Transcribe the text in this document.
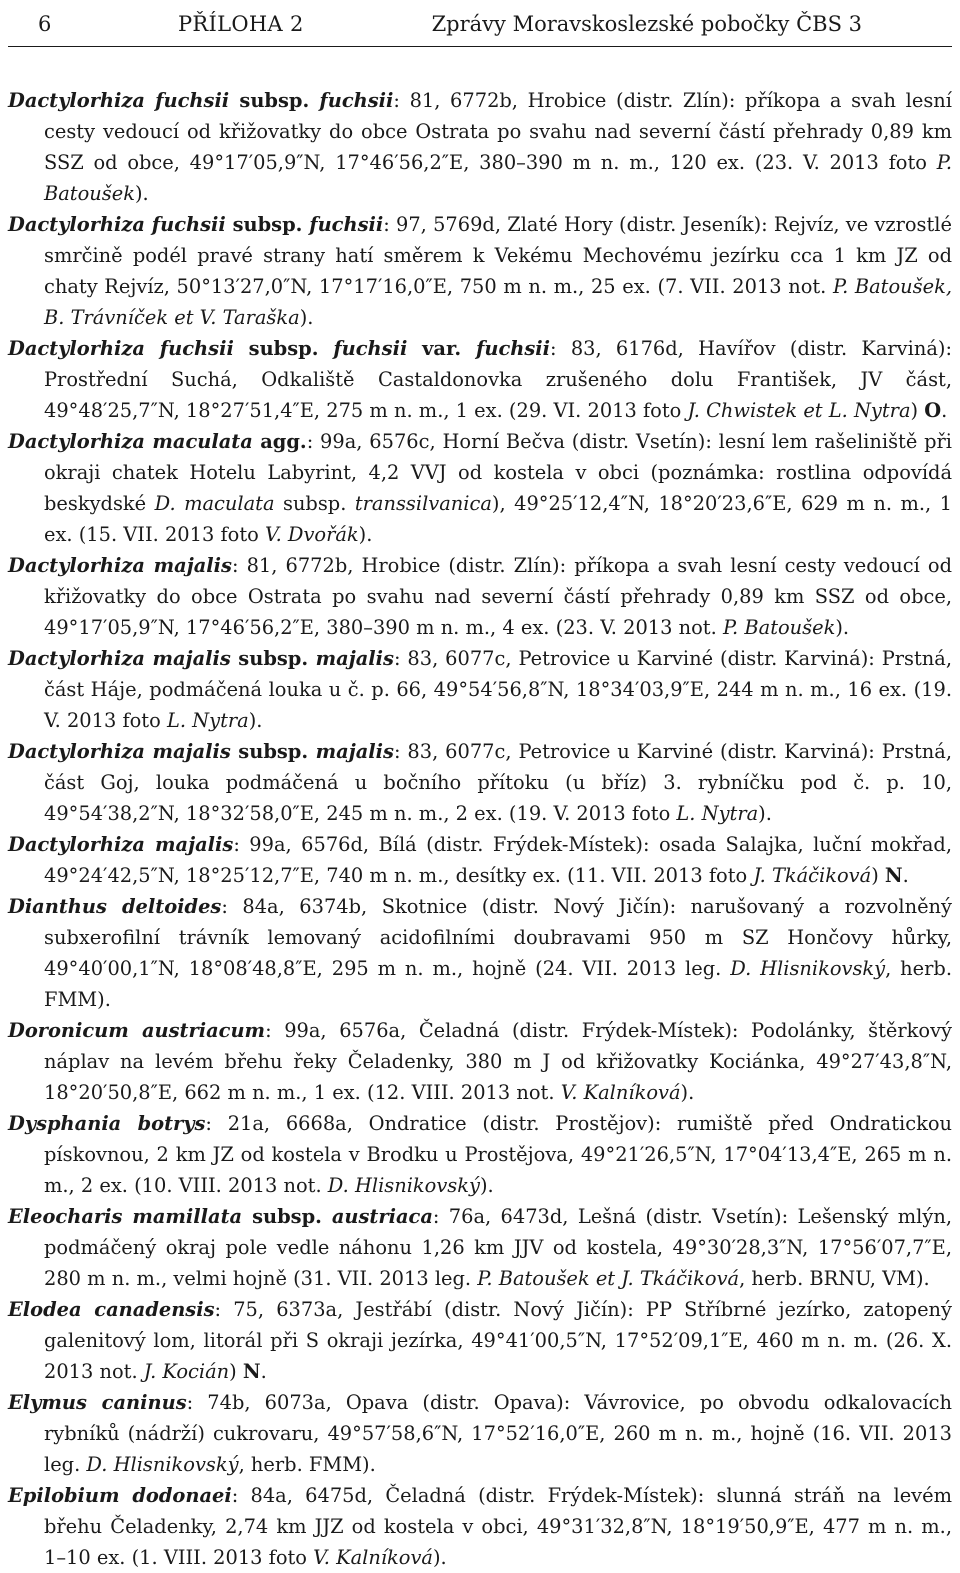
6	PŘÍLOHA 2	Zprávy Moravskoslezské pobočky ČBS 3

Dactylorhiza fuchsii subsp. fuchsii: 81, 6772b, Hrobice (distr. Zlín): příkopa a svah lesní cesty vedoucí od křižovatky do obce Ostrata po svahu nad severní částí přehrady 0,89 km SSZ od obce, 49°17′05,9″N, 17°46′56,2″E, 380–390 m n. m., 120 ex. (23. V. 2013 foto P. Batoušek).

Dactylorhiza fuchsii subsp. fuchsii: 97, 5769d, Zlaté Hory (distr. Jeseník): Rejvíz, ve vzrostlé smrčině podél pravé strany hatí směrem k Vekému Mechovému jezírku cca 1 km JZ od chaty Rejvíz, 50°13′27,0″N, 17°17′16,0″E, 750 m n. m., 25 ex. (7. VII. 2013 not. P. Batoušek, B. Trávníček et V. Taraška).

Dactylorhiza fuchsii subsp. fuchsii var. fuchsii: 83, 6176d, Havířov (distr. Karviná): Prostřední Suchá, Odkaliště Castaldonovka zrušeného dolu František, JV část, 49°48′25,7″N, 18°27′51,4″E, 275 m n. m., 1 ex. (29. VI. 2013 foto J. Chwistek et L. Nytra) O.

Dactylorhiza maculata agg.: 99a, 6576c, Horní Bečva (distr. Vsetín): lesní lem rašeliniště při okraji chatek Hotelu Labyrint, 4,2 VVJ od kostela v obci (poznámka: rostlina odpovídá beskydské D. maculata subsp. transsilvanica), 49°25′12,4″N, 18°20′23,6″E, 629 m n. m., 1 ex. (15. VII. 2013 foto V. Dvořák).

Dactylorhiza majalis: 81, 6772b, Hrobice (distr. Zlín): příkopa a svah lesní cesty vedoucí od křižovatky do obce Ostrata po svahu nad severní částí přehrady 0,89 km SSZ od obce, 49°17′05,9″N, 17°46′56,2″E, 380–390 m n. m., 4 ex. (23. V. 2013 not. P. Batoušek).

Dactylorhiza majalis subsp. majalis: 83, 6077c, Petrovice u Karviné (distr. Karviná): Prstná, část Háje, podmáčená louka u č. p. 66, 49°54′56,8″N, 18°34′03,9″E, 244 m n. m., 16 ex. (19. V. 2013 foto L. Nytra).

Dactylorhiza majalis subsp. majalis: 83, 6077c, Petrovice u Karviné (distr. Karviná): Prstná, část Goj, louka podmáčená u bočního přítoku (u bříz) 3. rybníčku pod č. p. 10, 49°54′38,2″N, 18°32′58,0″E, 245 m n. m., 2 ex. (19. V. 2013 foto L. Nytra).

Dactylorhiza majalis: 99a, 6576d, Bílá (distr. Frýdek-Místek): osada Salajka, luční mokřad, 49°24′42,5″N, 18°25′12,7″E, 740 m n. m., desítky ex. (11. VII. 2013 foto J. Tkáčiková) N.

Dianthus deltoides: 84a, 6374b, Skotnice (distr. Nový Jičín): narušovaný a rozvolněný subxerofilní trávník lemovaný acidofilními doubravami 950 m SZ Hončovy hůrky, 49°40′00,1″N, 18°08′48,8″E, 295 m n. m., hojně (24. VII. 2013 leg. D. Hlisnikovský, herb. FMM).

Doronicum austriacum: 99a, 6576a, Čeladná (distr. Frýdek-Místek): Podolánky, štěrkový náplav na levém břehu řeky Čeladenky, 380 m J od křižovatky Kociánka, 49°27′43,8″N, 18°20′50,8″E, 662 m n. m., 1 ex. (12. VIII. 2013 not. V. Kalníková).

Dysphania botrys: 21a, 6668a, Ondratice (distr. Prostějov): rumiště před Ondratickou pískovnou, 2 km JZ od kostela v Brodku u Prostějova, 49°21′26,5″N, 17°04′13,4″E, 265 m n. m., 2 ex. (10. VIII. 2013 not. D. Hlisnikovský).

Eleocharis mamillata subsp. austriaca: 76a, 6473d, Lešná (distr. Vsetín): Lešenský mlýn, podmáčený okraj pole vedle náhonu 1,26 km JJV od kostela, 49°30′28,3″N, 17°56′07,7″E, 280 m n. m., velmi hojně (31. VII. 2013 leg. P. Batoušek et J. Tkáčiková, herb. BRNU, VM).

Elodea canadensis: 75, 6373a, Jestřábí (distr. Nový Jičín): PP Stříbrné jezírko, zatopený galenitový lom, litorál při S okraji jezírka, 49°41′00,5″N, 17°52′09,1″E, 460 m n. m. (26. X. 2013 not. J. Kocián) N.

Elymus caninus: 74b, 6073a, Opava (distr. Opava): Vávrovice, po obvodu odkalovacích rybníků (nádrží) cukrovaru, 49°57′58,6″N, 17°52′16,0″E, 260 m n. m., hojně (16. VII. 2013 leg. D. Hlisnikovský, herb. FMM).

Epilobium dodonaei: 84a, 6475d, Čeladná (distr. Frýdek-Místek): slunná stráň na levém břehu Čeladenky, 2,74 km JJZ od kostela v obci, 49°31′32,8″N, 18°19′50,9″E, 477 m n. m., 1–10 ex. (1. VIII. 2013 foto V. Kalníková).
